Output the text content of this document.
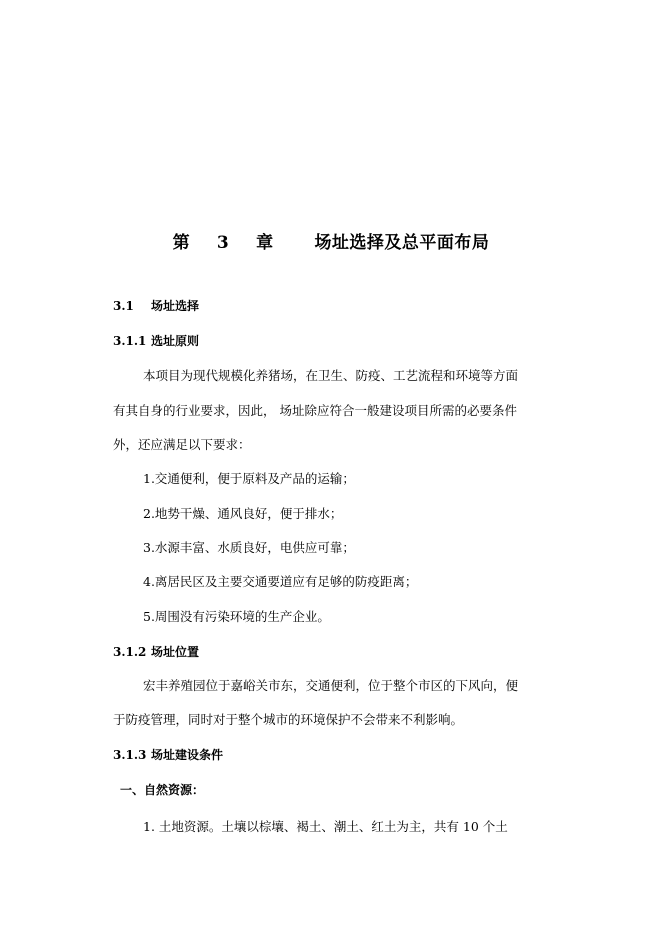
第 3 章 场址选择及总平面布局
3.1 场址选择
3.1.1 选址原则
本项目为现代规模化养猪场，在卫生、防疫、工艺流程和环境等方面
有其自身的行业要求，因此， 场址除应符合一般建设项目所需的必要条件
外，还应满足以下要求：
1.交通便利，便于原料及产品的运输；
2.地势干燥、通风良好，便于排水；
3.水源丰富、水质良好，电供应可靠；
4.离居民区及主要交通要道应有足够的防疫距离；
5.周围没有污染环境的生产企业。
3.1.2 场址位置
宏丰养殖园位于嘉峪关市东，交通便利，位于整个市区的下风向，便
于防疫管理，同时对于整个城市的环境保护不会带来不利影响。
3.1.3 场址建设条件
一、自然资源：
1. 土地资源。土壤以棕壤、褐土、潮土、红土为主，共有 10 个土
